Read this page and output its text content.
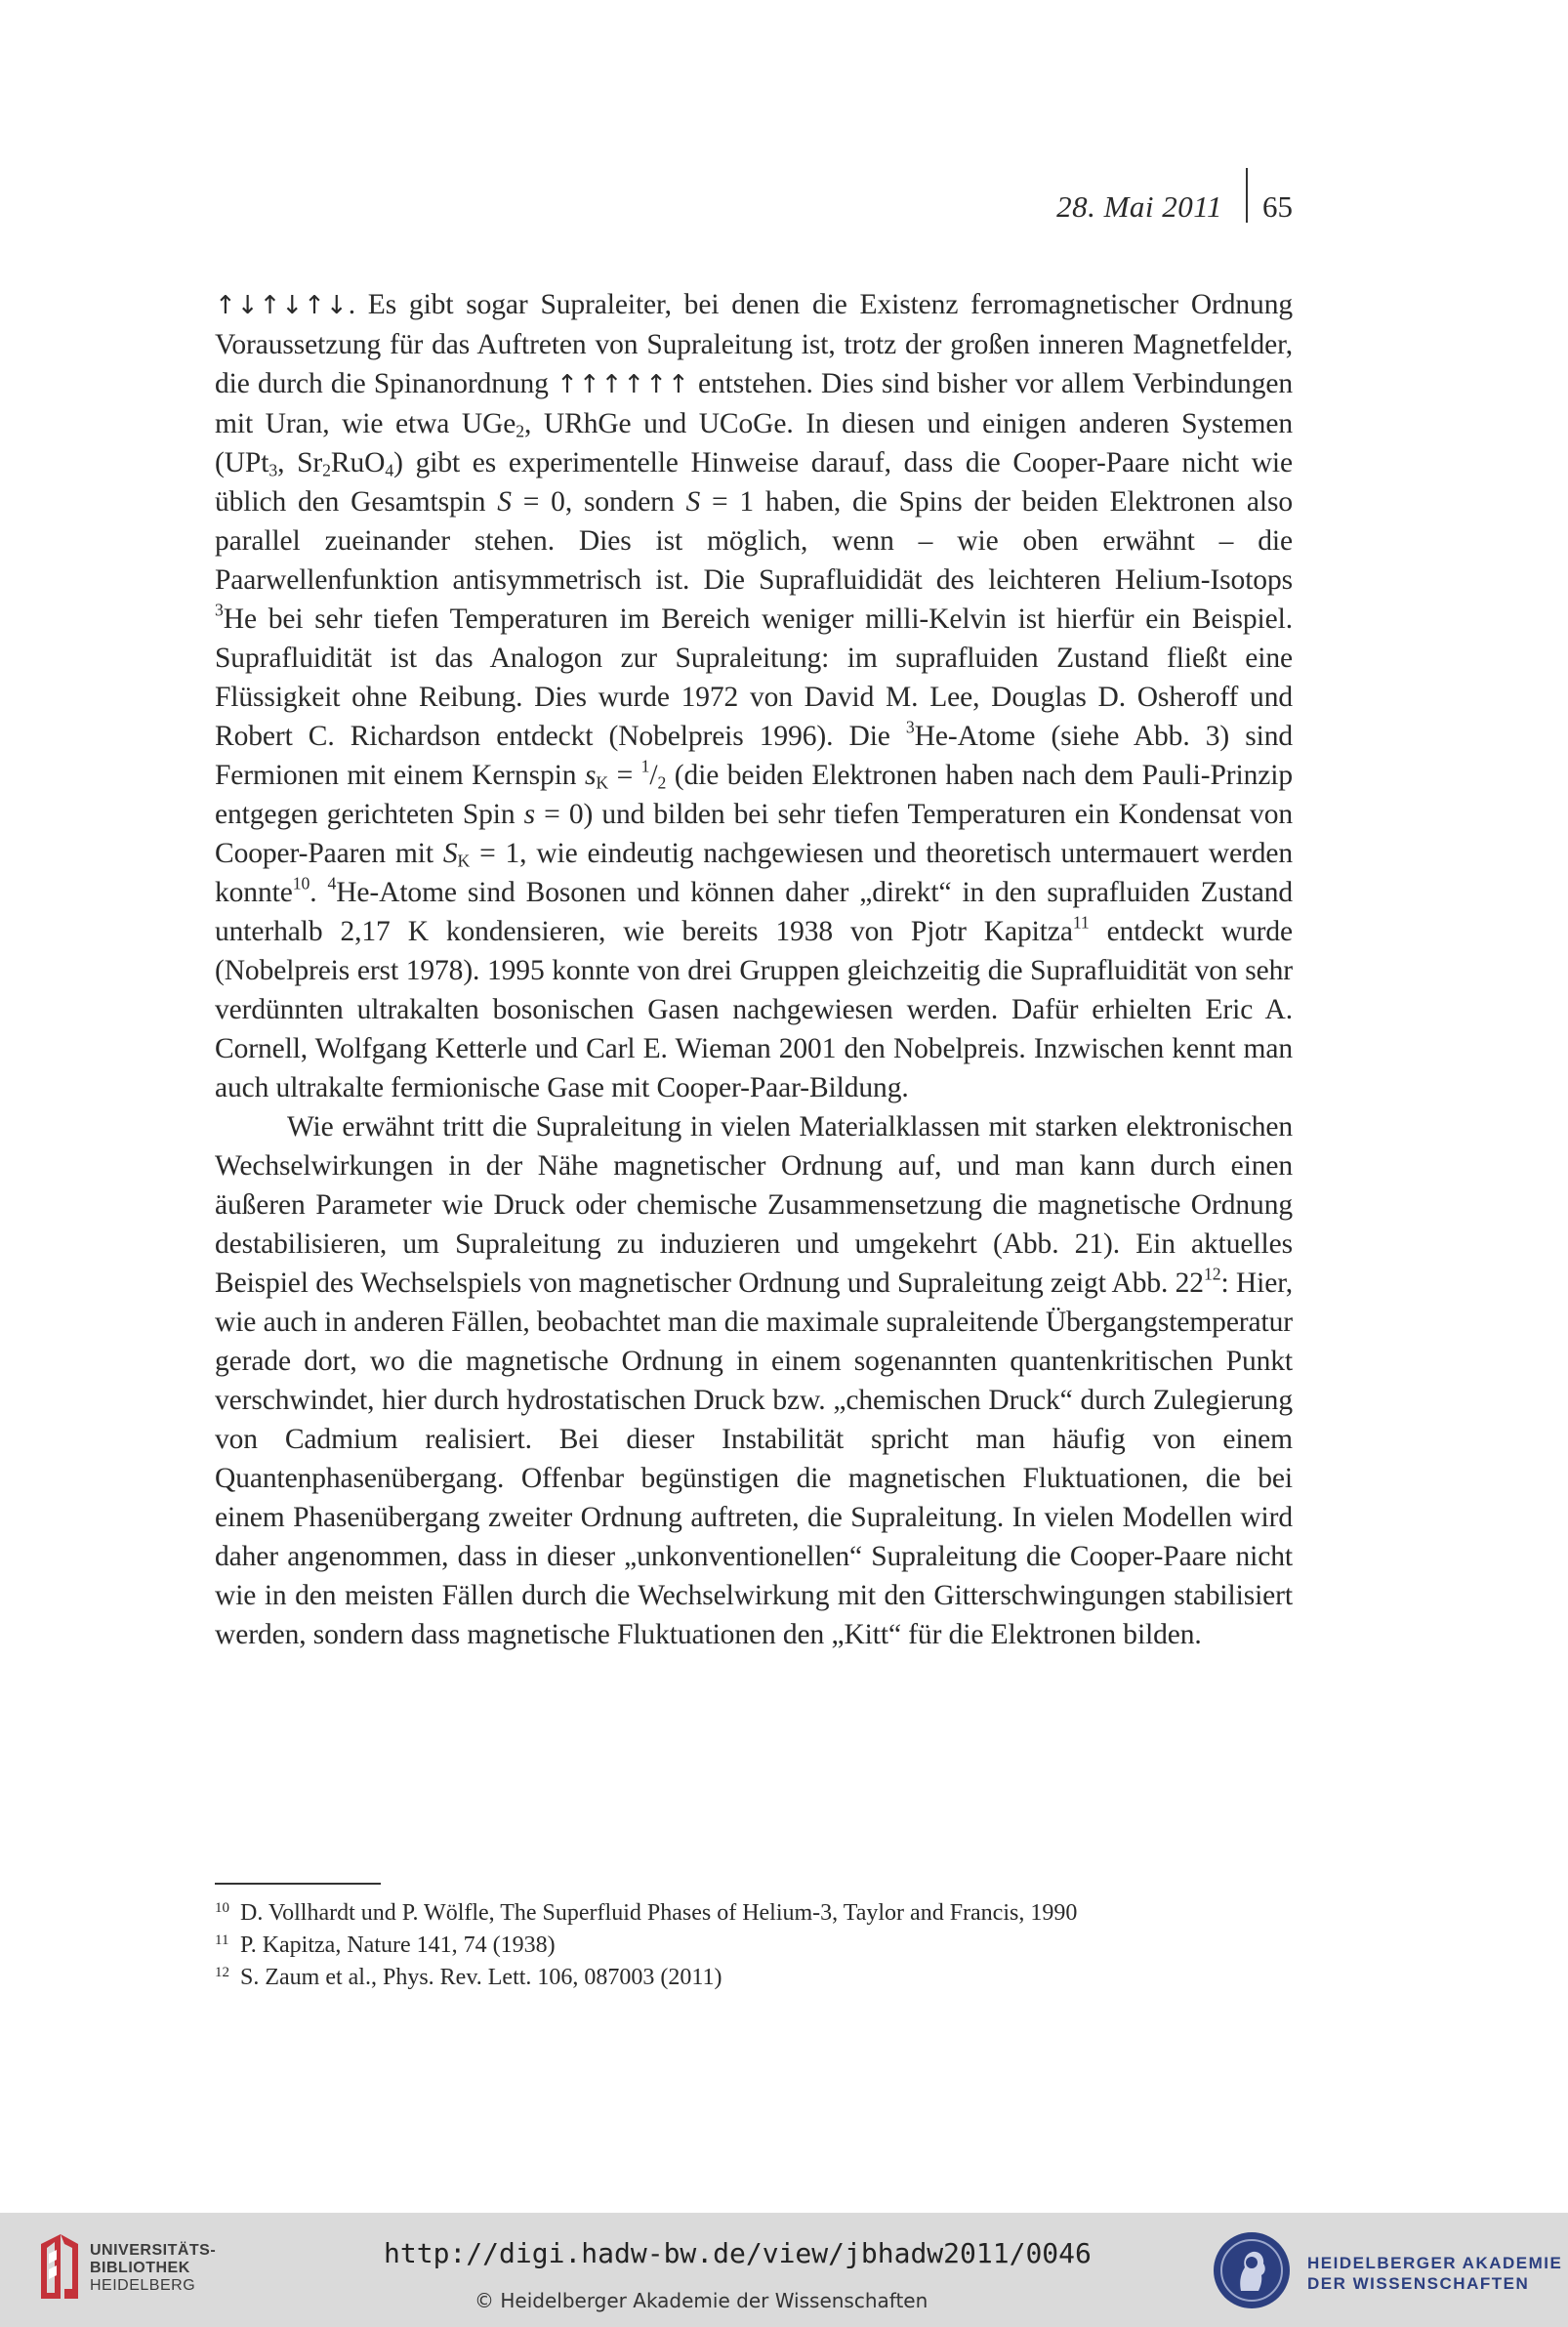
28. Mai 2011 65

↑↓↑↓↑↓. Es gibt sogar Supraleiter, bei denen die Existenz ferromagnetischer Ordnung Voraussetzung für das Auftreten von Supraleitung ist, trotz der großen inneren Magnetfelder, die durch die Spinanordnung ↑↑↑↑↑↑ entstehen. Dies sind bisher vor allem Verbindungen mit Uran, wie etwa UGe$_2$, URhGe und UCoGe. In diesen und einigen anderen Systemen (UPt$_3$, $Sr_2RuO_4$) gibt es experimentelle Hinweise darauf, dass die Cooper-Paare nicht wie üblich den Gesamtspin S = 0, sondern S = 1 haben, die Spins der beiden Elektronen also parallel zueinander stehen. Dies ist möglich, wenn – wie oben erwähnt – die Paarwellenfunktion antisymmetrisch ist. Die Suprafluididät des leichteren Helium-Isotops $^3$He bei sehr tiefen Temperaturen im Bereich weniger milli-Kelvin ist hierfür ein Beispiel. Suprafluidität ist das Analogon zur Supraleitung: im suprafluiden Zustand fließt eine Flüssigkeit ohne Reibung. Dies wurde 1972 von David M. Lee, Douglas D. Osheroff und Robert C. Richardson entdeckt (Nobelpreis 1996). Die $^3$He-Atome (siehe Abb. 3) sind Fermionen mit einem Kernspin $s_K = ^1/_2$ (die beiden Elektronen haben nach dem Pauli-Prinzip entgegen gerichteten Spin s = 0) und bilden bei sehr tiefen Temperaturen ein Kondensat von Cooper-Paaren mit $S_K = 1$, wie eindeutig nachgewiesen und theoretisch untermauert werden konnte$^{10}$. $^4$He-Atome sind Bosonen und können daher „direkt“ in den suprafluiden Zustand unterhalb 2,17 K kondensieren, wie bereits 1938 von Pjotr Kapitza$^{11}$ entdeckt wurde (Nobelpreis erst 1978). 1995 konnte von drei Gruppen gleichzeitig die Suprafluidität von sehr verdünnten ultrakalten bosonischen Gasen nachgewiesen werden. Dafür erhielten Eric A. Cornell, Wolfgang Ketterle und Carl E. Wieman 2001 den Nobelpreis. Inzwischen kennt man auch ultrakalte fermionische Gase mit Cooper-Paar-Bildung.

Wie erwähnt tritt die Supraleitung in vielen Materialklassen mit starken elektronischen Wechselwirkungen in der Nähe magnetischer Ordnung auf, und man kann durch einen äußeren Parameter wie Druck oder chemische Zusammensetzung die magnetische Ordnung destabilisieren, um Supraleitung zu induzieren und umgekehrt (Abb. 21). Ein aktuelles Beispiel des Wechselspiels von magnetischer Ordnung und Supraleitung zeigt Abb. $22^{12}$: Hier, wie auch in anderen Fällen, beobachtet man die maximale supraleitende Übergangstemperatur gerade dort, wo die magnetische Ordnung in einem sogenannten quantenkritischen Punkt verschwindet, hier durch hydrostatischen Druck bzw. „chemischen Druck“ durch Zulegierung von Cadmium realisiert. Bei dieser Instabilität spricht man häufig von einem Quantenphasenübergang. Offenbar begünstigen die magnetischen Fluktuationen, die bei einem Phasenübergang zweiter Ordnung auftreten, die Supraleitung. In vielen Modellen wird daher angenommen, dass in dieser „unkonventionellen“ Supraleitung die Cooper-Paare nicht wie in den meisten Fällen durch die Wechselwirkung mit den Gitterschwingungen stabilisiert werden, sondern dass magnetische Fluktuationen den „Kitt“ für die Elektronen bilden.

10 D. Vollhardt und P. Wölfle, The Superfluid Phases of Helium-3, Taylor and Francis, 1990
11 P. Kapitza, Nature 141, 74 (1938)
12 S. Zaum et al., Phys. Rev. Lett. 106, 087003 (2011)
UNIVERSITÄTS-
BIBLIOTHEK
HEIDELBERG
http://digi.hadw-bw.de/view/jbhadw2011/0046
© Heidelberger Akademie der Wissenschaften
HEIDELBERGER AKADEMIE
DER WISSENSCHAFTEN
